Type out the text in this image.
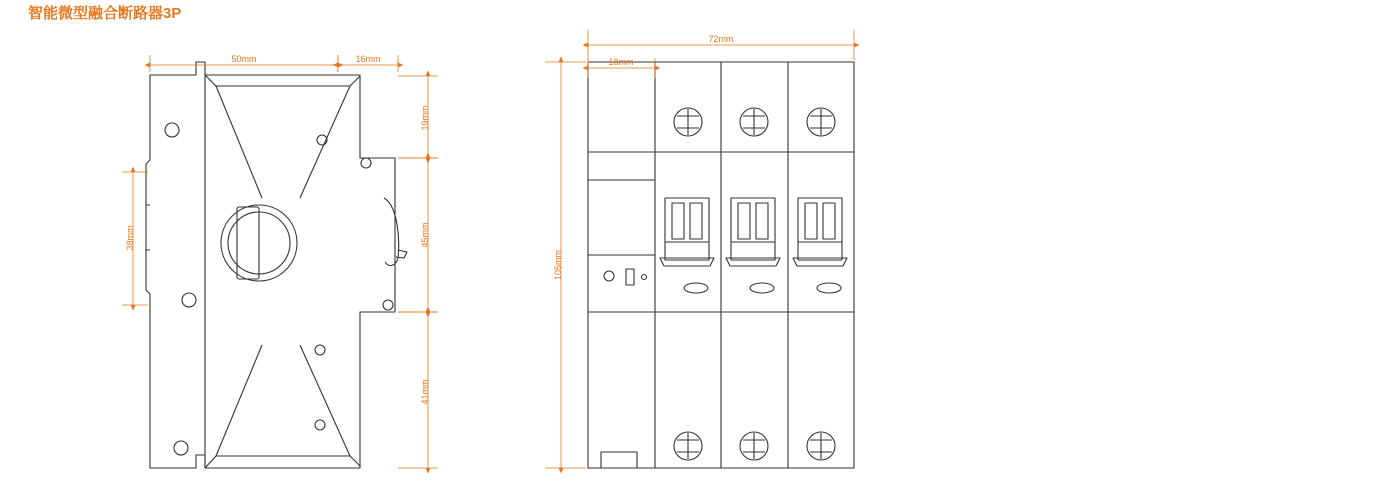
智能微型融合断路器3P
50mm	16mm
38mm
19mm
45mm
41mm
72mm
18mm
105mm
